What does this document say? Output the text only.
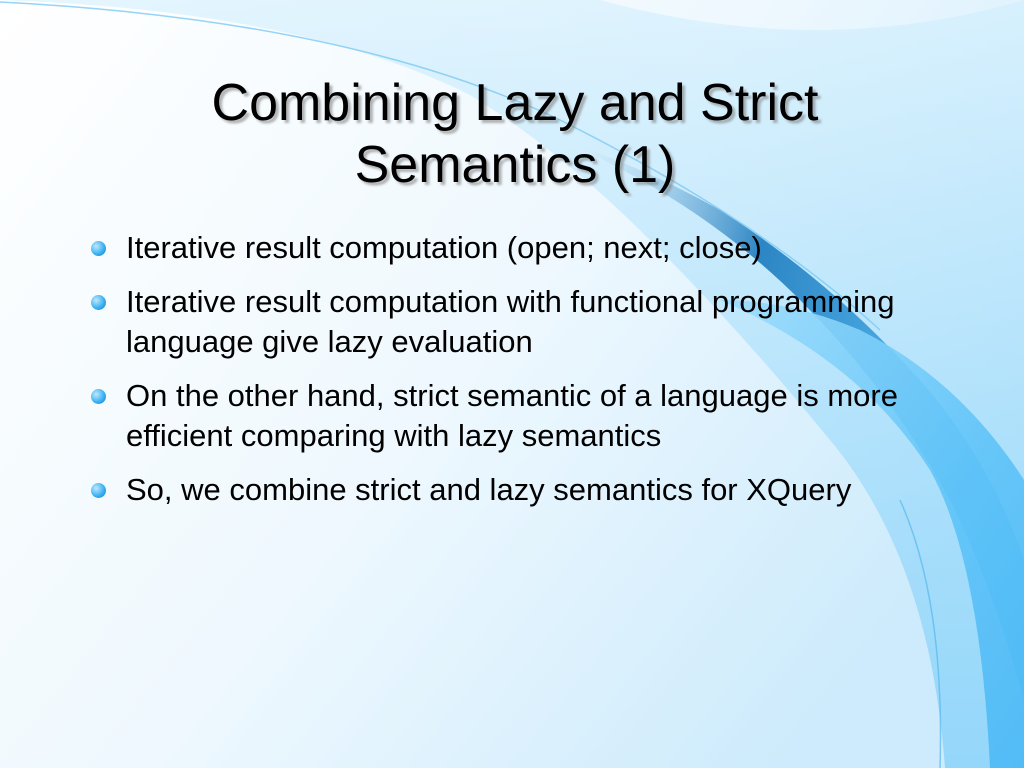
Combining Lazy and Strict
Semantics (1)
Iterative result computation (open; next; close)
Iterative result computation with functional programming language give lazy evaluation
On the other hand, strict semantic of a language is more efficient comparing with lazy semantics
So, we combine strict and lazy semantics for XQuery
